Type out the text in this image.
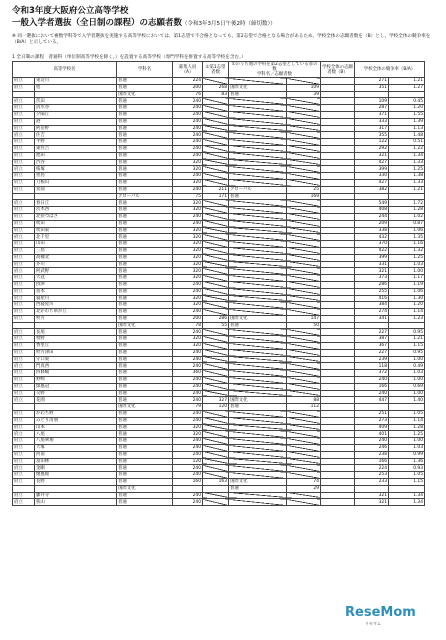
令和3年度大阪府公立高等学校
一般入学者選抜（全日制の課程）の志願者数（令和3年3月5日午後2時（締切数））
※ 同一選抜において複数学科等で入学者選抜を実施する高等学校においては、第1志望で不合格となっても、第2志望で合格となる場合があるため、学校全体の志願者数を（B）とし、学校全体の競争率を（B/A）と示している。
1 全日制の課程　普通科（単位制高等学校を除く。）を設置する高等学校（専門学科を併置する高等学校を含む。）
高等学校名		学科名	募集人員（A）	①第1志望者数	①のうち他の学科を第2志望としている者の数
学科名／志願者数		学校全体の志願者数（B）	学校全体の競争率（B/A）	
府立	東淀川	普通	224					271	1.21
府立	旭	普通	200	268	国際文化	109		351	1.27
		国際文化	76	83	普通	39			
府立	茨田	普通	240					109	0.45
府立	清水谷	普通	240					287	1.20
府立	夕陽丘	普通	240					371	1.55
府立	港	普通	240					333	1.39
府立	阿倍野	普通	240					317	1.13
府立	住吉	普通	240					355	1.48
府立	平野	普通	240					122	0.51
府立	東住吉	普通	240					292	1.22
府立	池田	普通	240					321	1.34
府立	渋谷	普通	320					427	1.33
府立	桜塚	普通	320					399	1.25
府立	豊島	普通	240					330	1.38
府立	刀根山	普通	320					427	1.33
府立	箕面	普通	240	211	グローバル	25		382	1.21
		グローバル	75	171	普通	169			
府立	春日丘	普通	320					549	1.72
府立	茨木西	普通	320					408	1.28
府立	北摂つばさ	普通	240					244	1.02
府立	吹田	普通	240					209	0.87
府立	吹田東	普通	320					338	1.06
府立	北千里	普通	320					432	1.35
府立	山田	普通	320					370	1.16
府立	三島	普通	320					422	1.32
府立	高槻北	普通	320					399	1.25
府立	芥川	普通	320					331	1.03
府立	阿武野	普通	320					321	1.00
府立	大冠	普通	320					373	1.17
府立	摂津	普通	240					286	1.19
府立	島本	普通	240					255	1.06
府立	寝屋川	普通	320					416	1.30
府立	西寝屋川	普通	320					384	1.20
府立	北かわち皐が丘	普通	240					274	1.14
府立	枚方	普通	200	286	国際文化	147		341	1.23
		国際文化	78	55	普通	50			
府立	長尾	普通	240					227	0.95
府立	牧野	普通	320					387	1.21
府立	香里丘	普通	320					367	1.15
府立	枚方津田	普通	240					227	0.95
府立	守口東	普通	240					239	1.00
府立	門真西	普通	240					118	0.49
府立	四條畷	普通	360					372	1.03
府立	野崎	普通	240					240	1.00
府立	緑風冠	普通	240					166	0.69
府立	交野	普通	240					240	1.00
府立	花園	普通	240	327	国際文化	88		447	1.40
		国際文化	79	120	普通	112			
府立	かわち野	普通	240					251	1.05
府立	みどり清朋	普通	240					273	1.14
府立	山本	普通	320					409	1.28
府立	八尾	普通	320					401	1.25
府立	八尾翠翔	普通	240					240	1.00
府立	大塚	普通	240					246	1.03
府立	河南	普通	240					238	0.99
府立	富田林	普通	120					166	1.36
府立	金剛	普通	240					224	0.93
府立	懐風館	普通	240					253	1.05
府立	長野	普通	160	163	国際文化	74		233	1.15
		国際文化			普通	29			
府立	藤井寺	普通	240					321	1.34
府立	狭山	普通	240					321	1.34
ReseMom
リセマム
